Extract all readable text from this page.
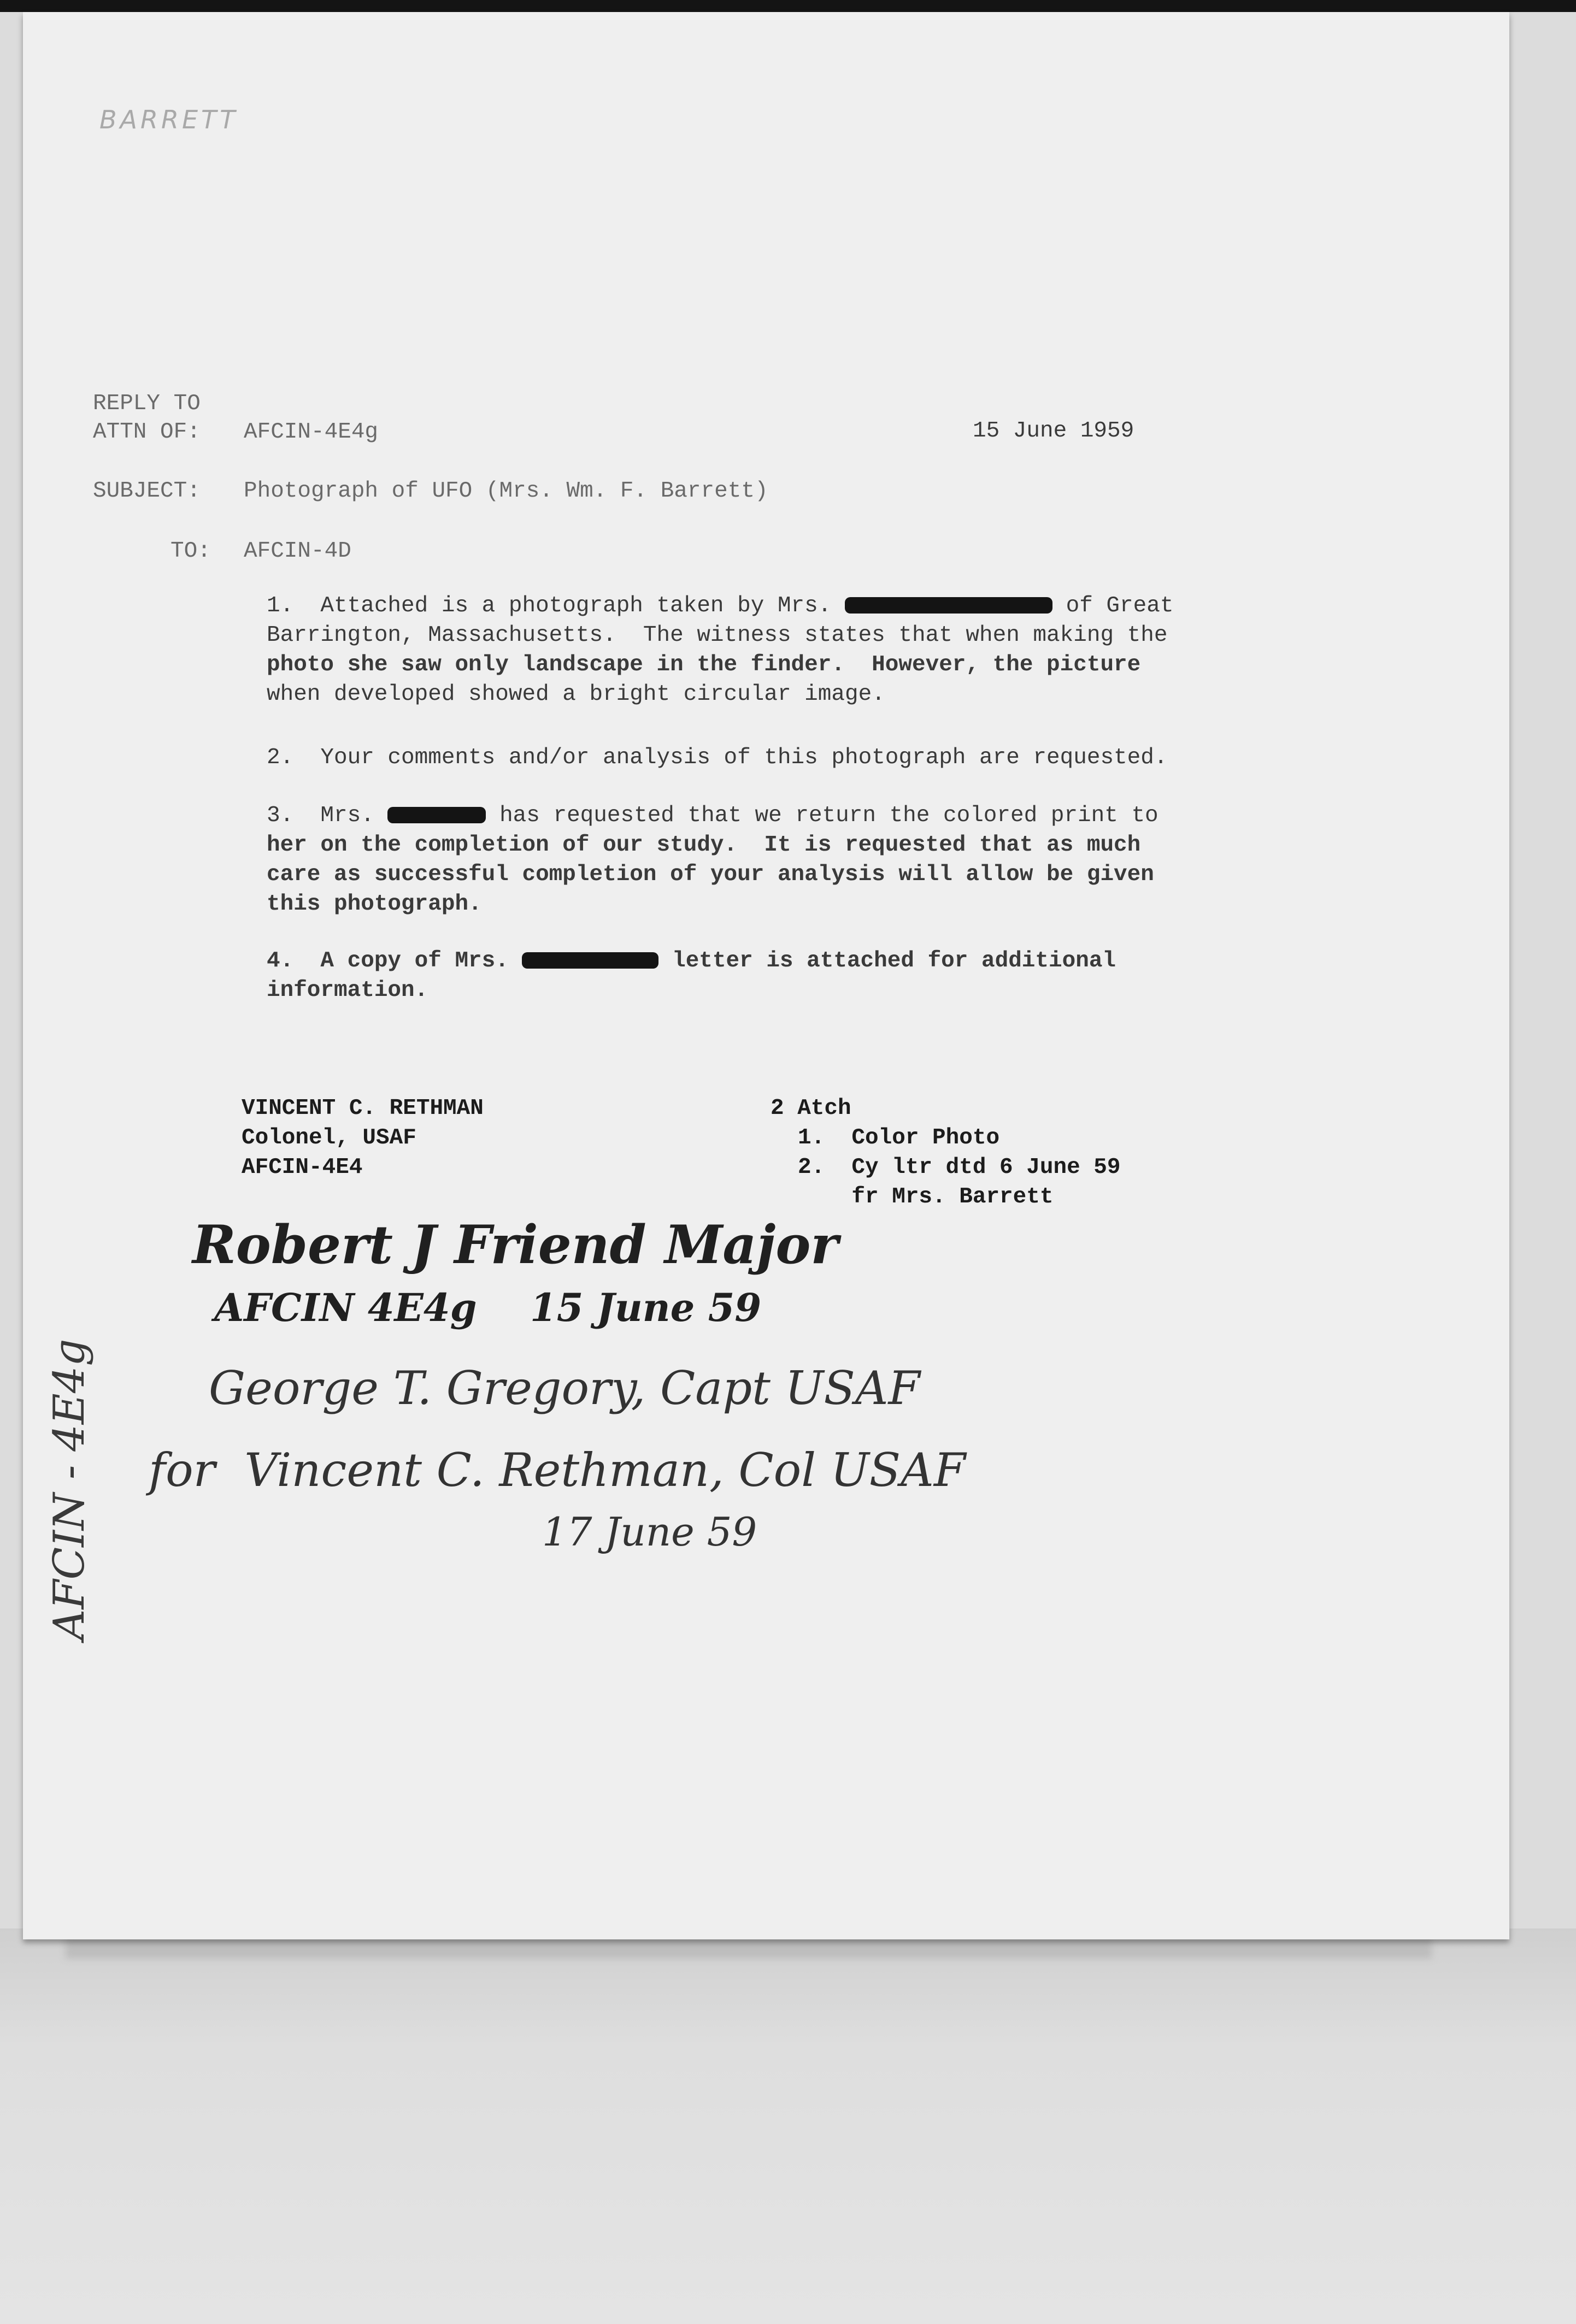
BARRETT
REPLY TO
ATTN OF: AFCIN-4E4g	15 June 1959
SUBJECT: Photograph of UFO (Mrs. Wm. F. Barrett)
TO: AFCIN-4D
1.  Attached is a photograph taken by Mrs.	of Great
Barrington, Massachusetts.  The witness states that when making the
photo she saw only landscape in the finder.  However, the picture
when developed showed a bright circular image.
2.  Your comments and/or analysis of this photograph are requested.
3.  Mrs.	has requested that we return the colored print to
her on the completion of our study.  It is requested that as much
care as successful completion of your analysis will allow be given
this photograph.
4.  A copy of Mrs.	letter is attached for additional
information.
VINCENT C. RETHMAN
Colonel, USAF
AFCIN-4E4
2 Atch
1.  Color Photo
2.  Cy ltr dtd 6 June 59
fr Mrs. Barrett
Robert J Friend Major
AFCIN 4E4g    15 June 59
George T. Gregory, Capt USAF
for  Vincent C. Rethman, Col USAF
17 June 59
AFCIN - 4E4g
